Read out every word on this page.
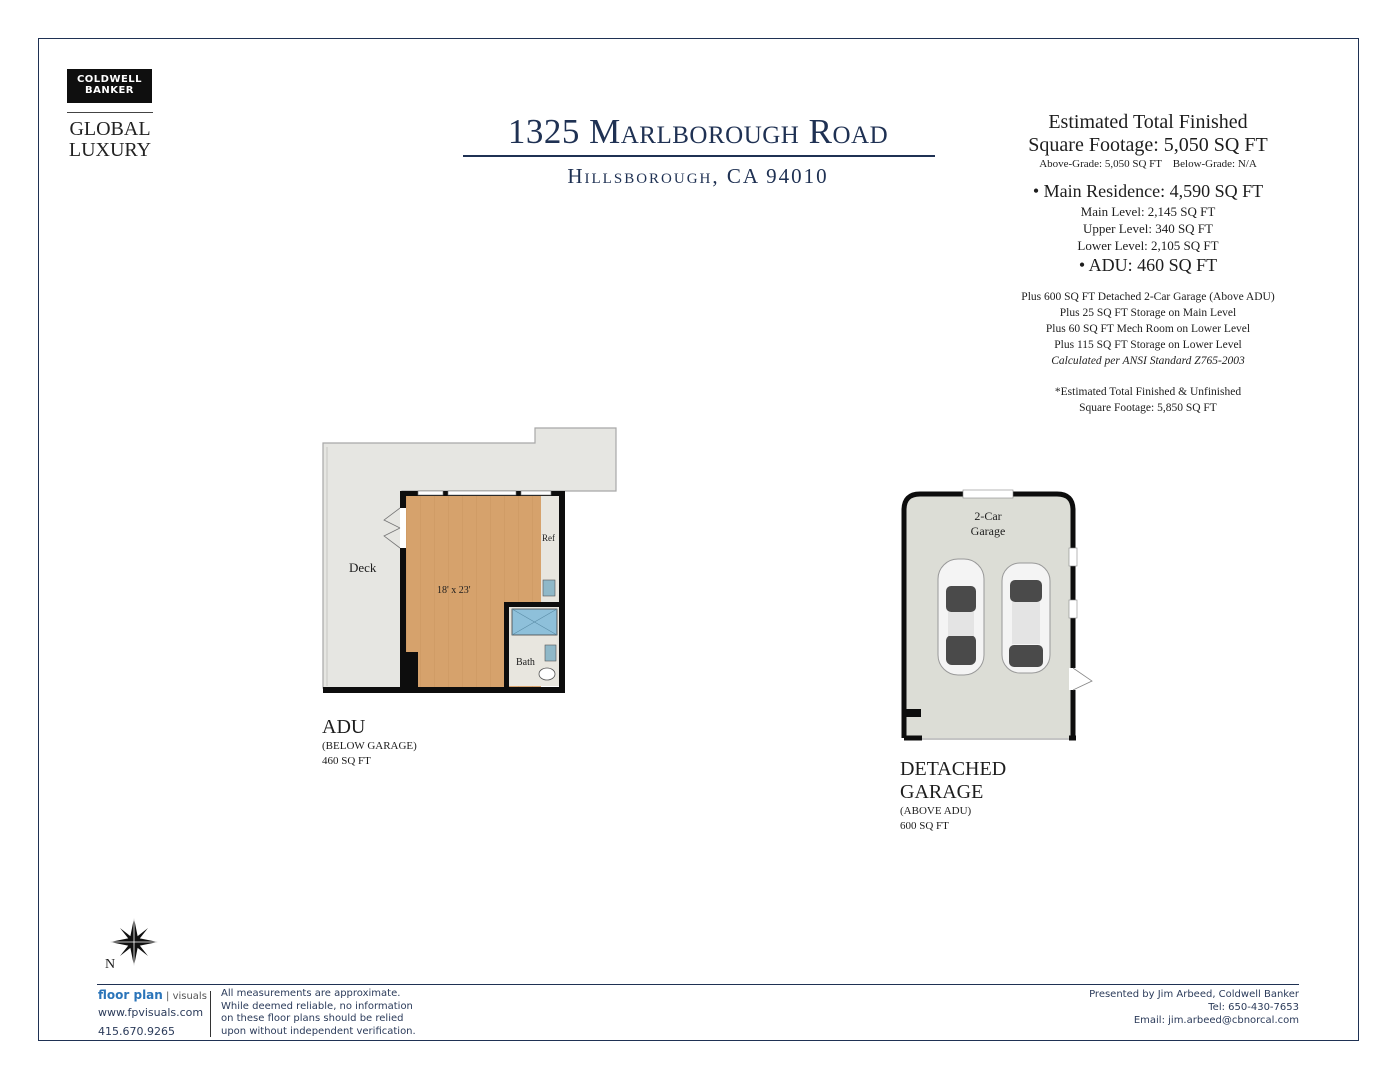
COLDWELL
BANKER
GLOBAL
LUXURY	1325 Marlborough Road
Hillsborough, CA 94010
Estimated Total Finished
Square Footage: 5,050 SQ FT
Above-Grade: 5,050 SQ FT    Below-Grade: N/A
• Main Residence: 4,590 SQ FT
Main Level: 2,145 SQ FT
Upper Level: 340 SQ FT
Lower Level: 2,105 SQ FT
• ADU: 460 SQ FT
Plus 600 SQ FT Detached 2-Car Garage (Above ADU)
Plus 25 SQ FT Storage on Main Level
Plus 60 SQ FT Mech Room on Lower Level
Plus 115 SQ FT Storage on Lower Level
Calculated per ANSI Standard Z765-2003
*Estimated Total Finished & Unfinished
Square Footage: 5,850 SQ FT
Deck
18' x 23'
Ref
Bath
ADU
(BELOW GARAGE)
460 SQ FT
2-Car
Garage
DETACHED
GARAGE
(ABOVE ADU)
600 SQ FT
N
floor plan | visuals
www.fpvisuals.com
415.670.9265
All measurements are approximate.
While deemed reliable, no information
on these floor plans should be relied
upon without independent verification.
Presented by Jim Arbeed, Coldwell Banker
Tel: 650-430-7653
Email: jim.arbeed@cbnorcal.com
